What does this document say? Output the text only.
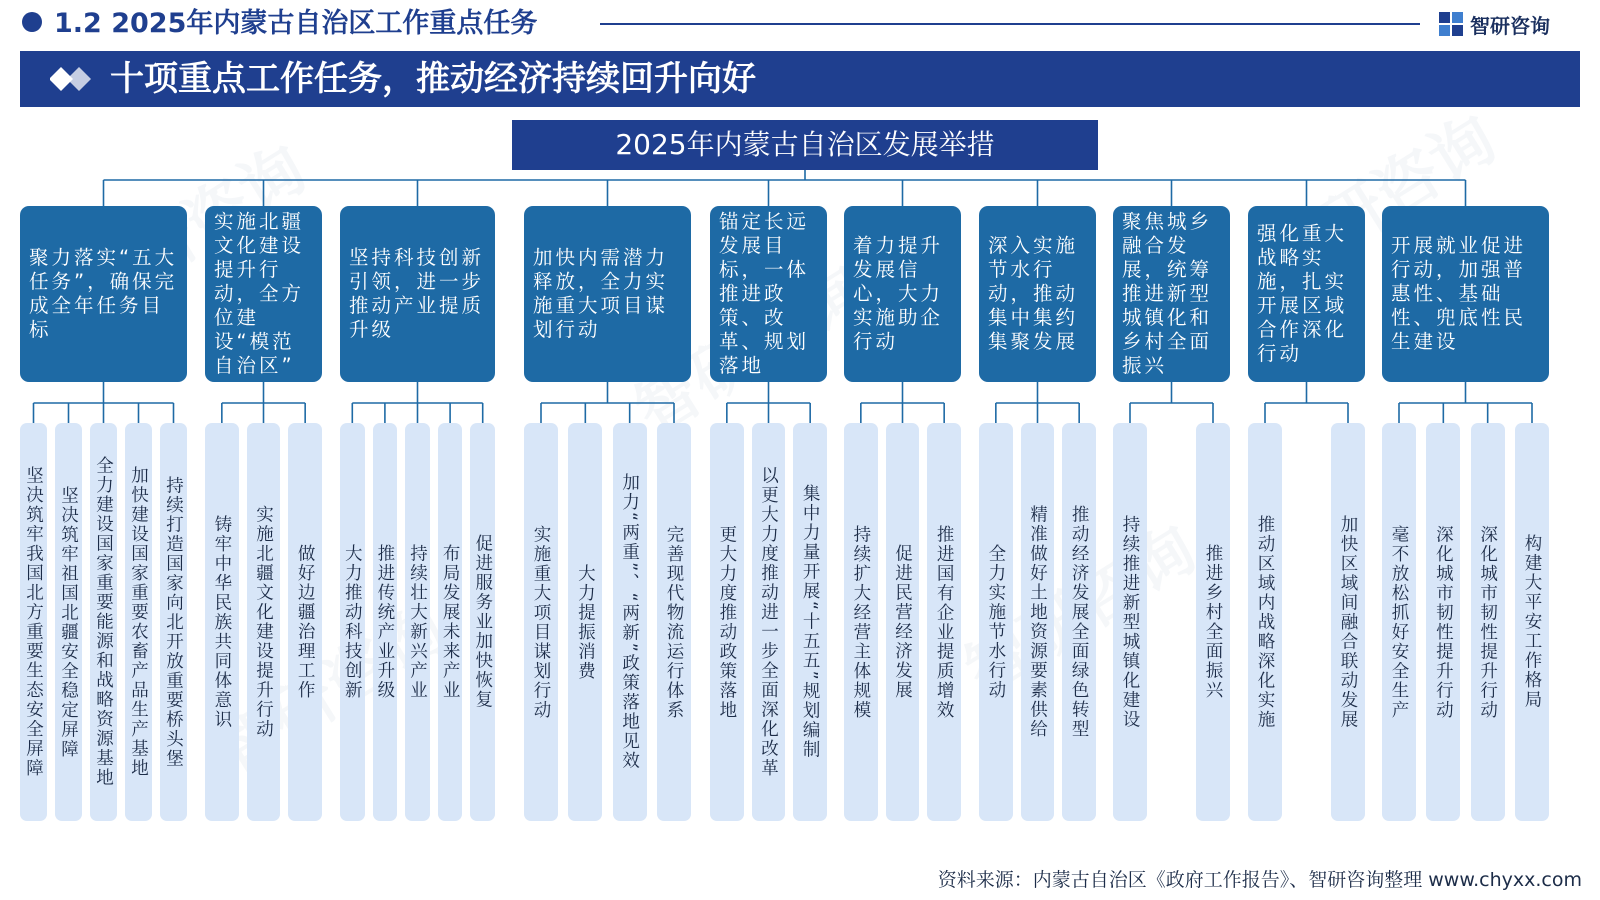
1.2 2025年内蒙古自治区工作重点任务	智研咨询
十项重点工作任务，推动经济持续回升向好
2025年内蒙古自治区发展举措
聚力落实“五大任务”，确保完成全年任务目标
坚决筑牢我国北方重要生态安全屏障 坚决筑牢祖国北疆安全稳定屏障 全力建设国家重要能源和战略资源基地 加快建设国家重要农畜产品生产基地 持续打造国家向北开放重要桥头堡
实施北疆文化建设提升行动，全方位建设“模范自治区”
铸牢中华民族共同体意识 实施北疆文化建设提升行动 做好边疆治理工作
坚持科技创新引领，进一步推动产业提质升级
大力推动科技创新 推进传统产业升级 持续壮大新兴产业 布局发展未来产业 促进服务业加快恢复
加快内需潜力释放，全力实施重大项目谋划行动
实施重大项目谋划行动 大力提振消费 加力“两重”、“两新”政策落地见效 完善现代物流运行体系
锚定长远发展目标，一体推进政策、改革、规划落地
更大力度推动政策落地 以更大力度推动进一步全面深化改革 集中力量开展“十五五”规划编制
着力提升发展信心，大力实施助企行动
持续扩大经营主体规模 促进民营经济发展 推进国有企业提质增效
深入实施节水行动，推动集中集约集聚发展
全力实施节水行动 精准做好土地资源要素供给 推动经济发展全面绿色转型
聚焦城乡融合发展，统筹推进新型城镇化和乡村全面振兴
持续推进新型城镇化建设	推进乡村全面振兴
强化重大战略实施，扎实开展区域合作深化行动
推动区域内战略深化实施	加快区域间融合联动发展
开展就业促进行动，加强普惠性、基础性、兜底性民生建设
毫不放松抓好安全生产 深化城市韧性提升行动 深化城市韧性提升行动 构建大平安工作格局
资料来源：内蒙古自治区《政府工作报告》、智研咨询整理 www.chyxx.com
